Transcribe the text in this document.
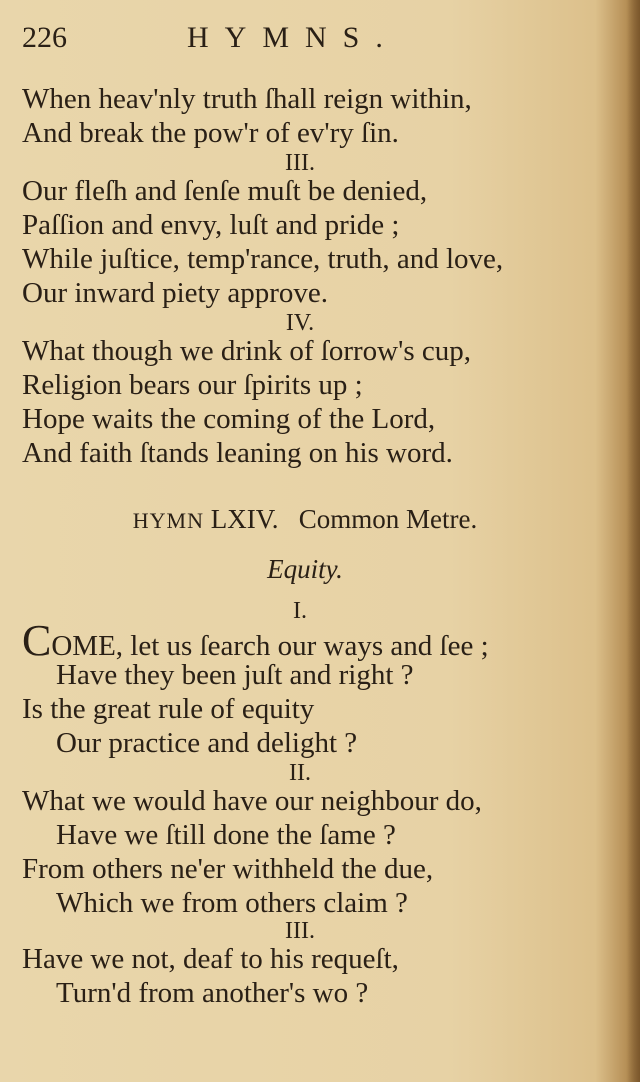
226	HYMNS.
When heav'nly truth ſhall reign within,
And break the pow'r of ev'ry ſin.
III.
Our fleſh and ſenſe muſt be denied,
Paſſion and envy, luſt and pride ;
While juſtice, temp'rance, truth, and love,
Our inward piety approve.
IV.
What though we drink of ſorrow's cup,
Religion bears our ſpirits up ;
Hope waits the coming of the Lord,
And faith ſtands leaning on his word.
HYMN LXIV. Common Metre.
Equity.
I.
COME, let us ſearch our ways and ſee ;
Have they been juſt and right ?
Is the great rule of equity
Our practice and delight ?
II.
What we would have our neighbour do,
Have we ſtill done the ſame ?
From others ne'er withheld the due,
Which we from others claim ?
III.
Have we not, deaf to his requeſt,
Turn'd from another's wo ?
